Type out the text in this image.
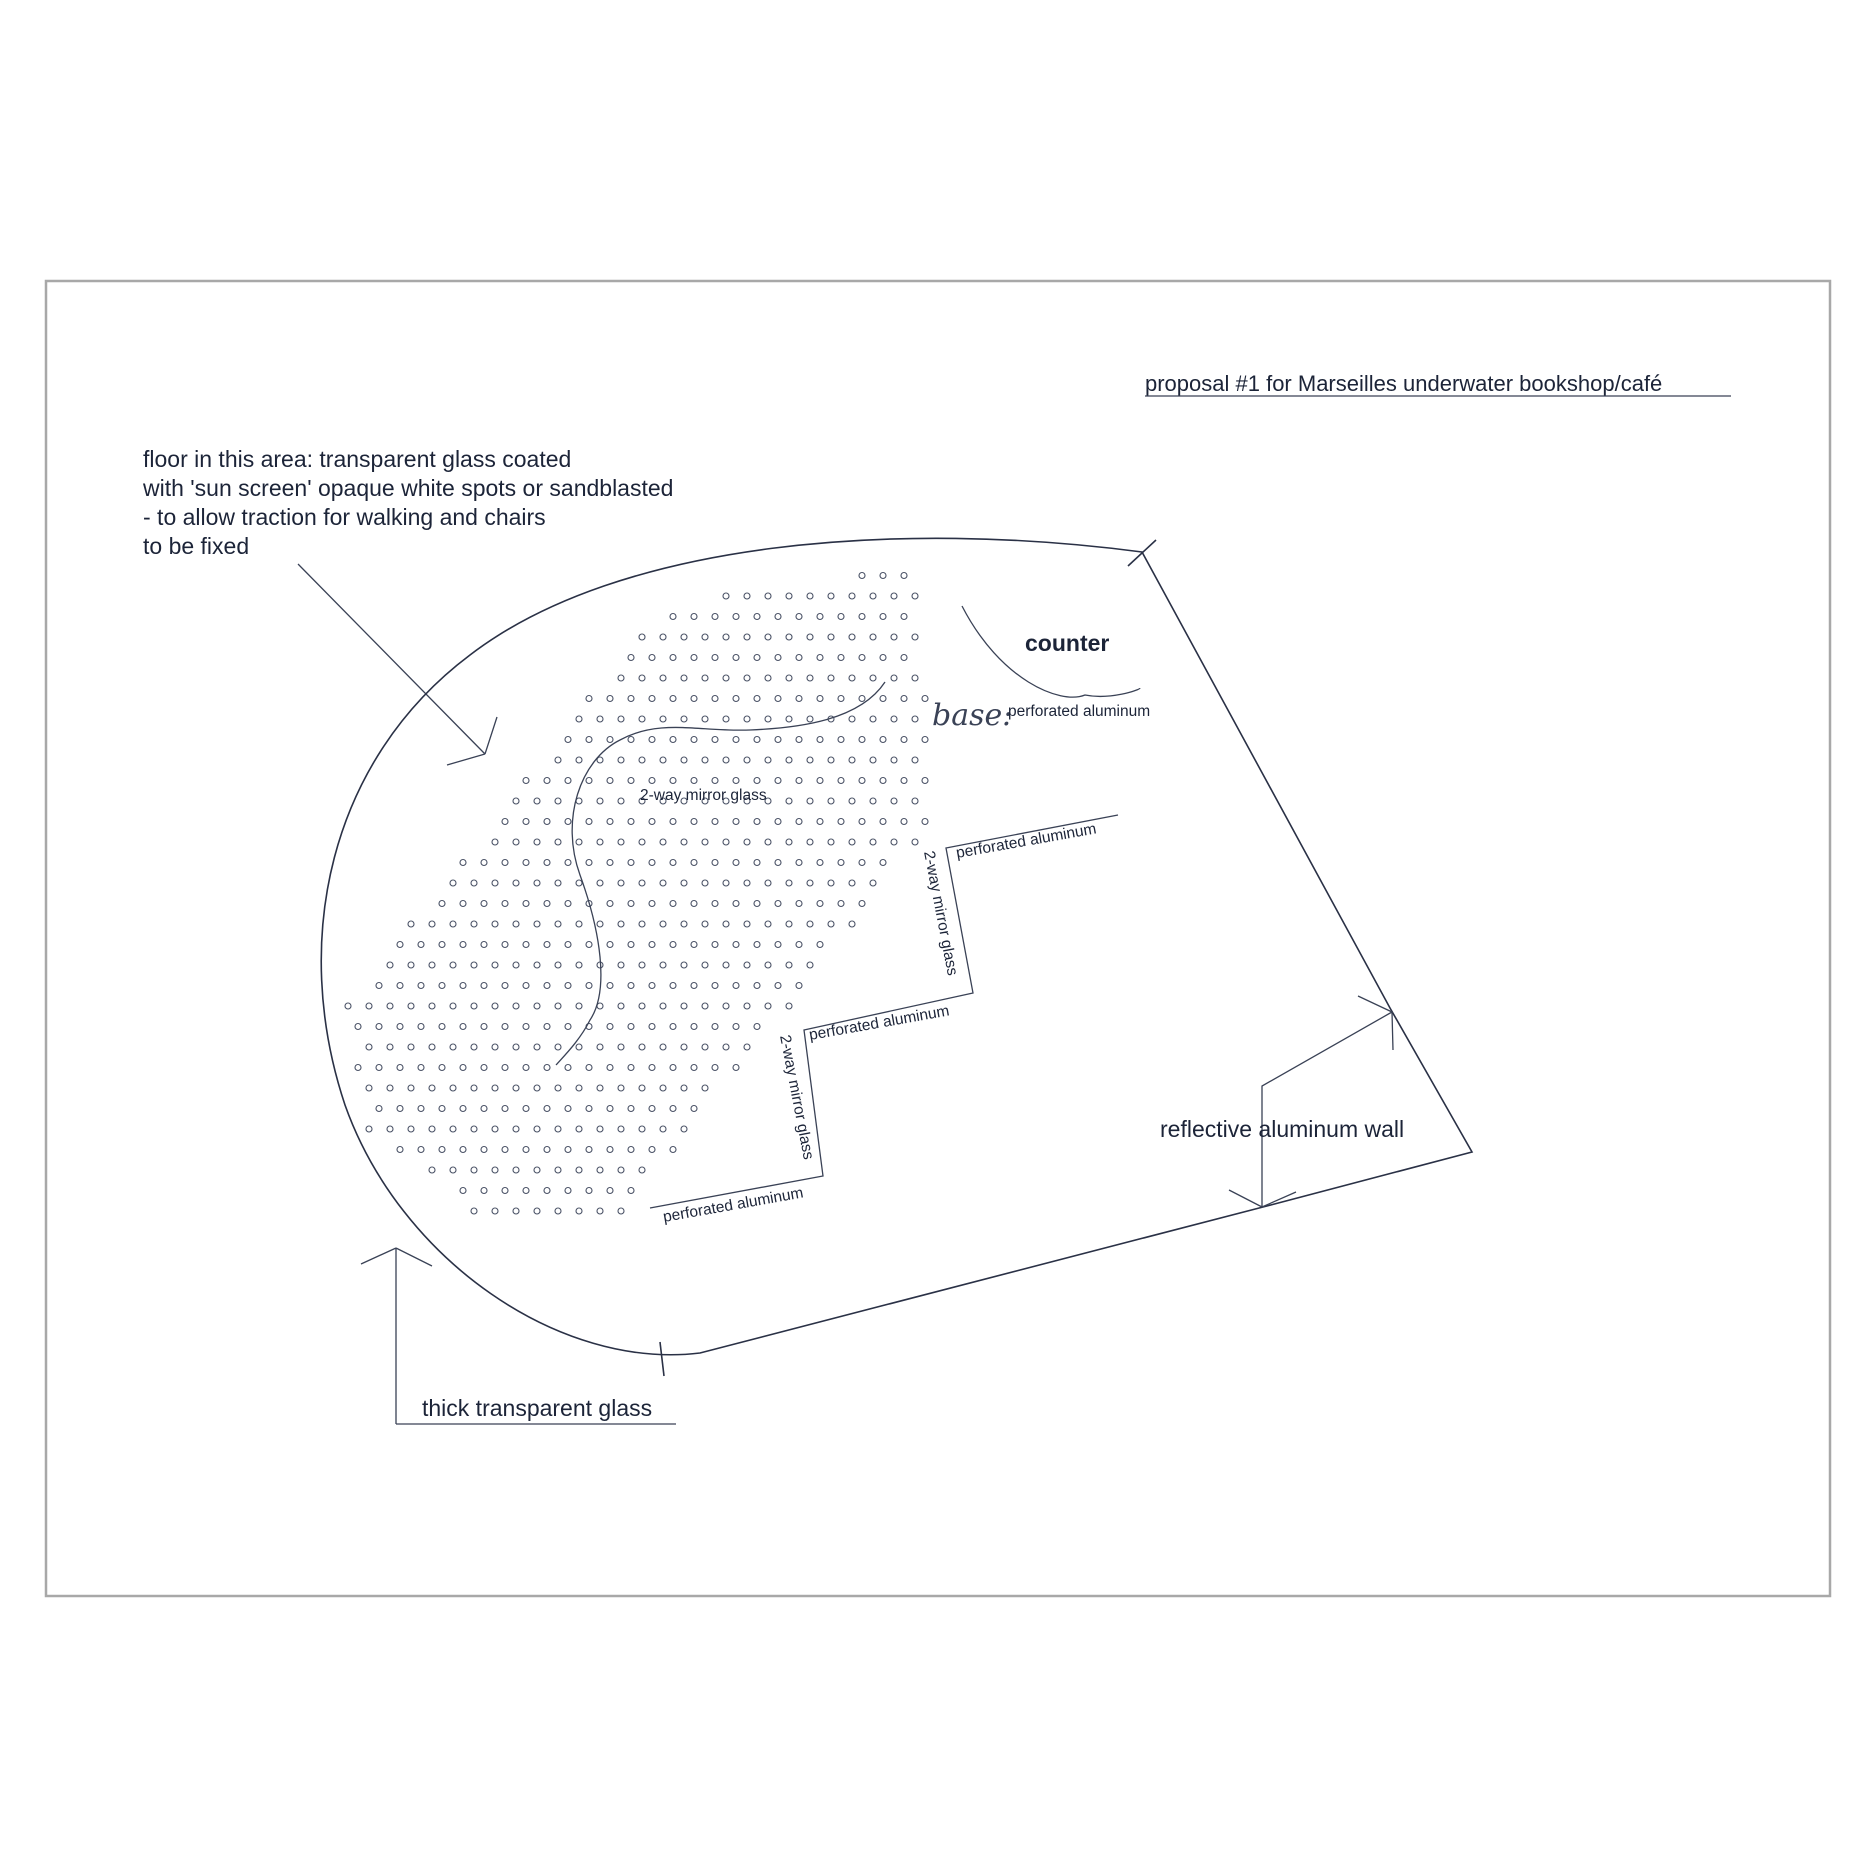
proposal #1 for Marseilles underwater bookshop/café
floor in this area: transparent glass coated
with 'sun screen' opaque white spots or sandblasted
- to allow traction for walking and chairs
to be fixed
2-way mirror glass
counter
base:
perforated aluminum
perforated aluminum
2-way mirror glass
perforated aluminum
2-way mirror glass
perforated aluminum
reflective aluminum wall
thick transparent glass
